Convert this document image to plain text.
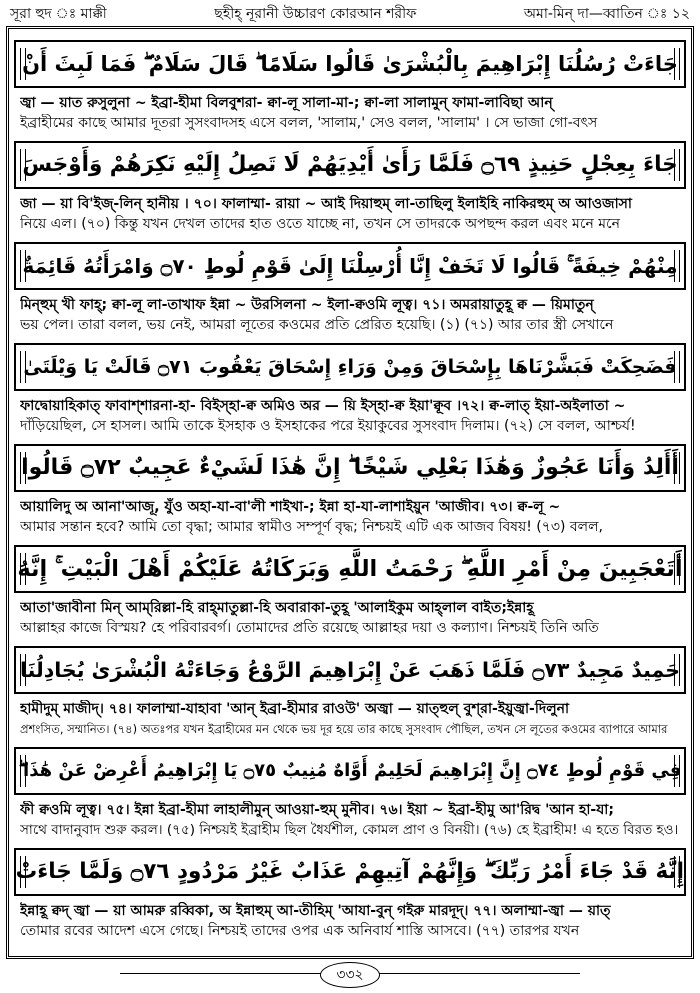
সূরা হুদ ঃ মাক্কী	ছহীহ্ নূরানী উচ্চারণ কোরআন শরীফ	অমা-মিন্ দা—ব্বাতিন ঃ ১২
جَاءَتْ رُسُلُنَا إِبْرَاهِيمَ بِالْبُشْرَىٰ قَالُوا سَلَامًا ۖ قَالَ سَلَامٌ ۖ فَمَا لَبِثَ أَنْ
জ্বা — য়াত রুসুলুনা ~ ইব্রা-হীমা বিলবুশরা- ক্বা-লূ সালা-মা-; ক্বা-লা সালামুন্ ফামা-লাবিছা আন্
ইব্রাহীমের কাছে আমার দূতরা সুসংবাদসহ এসে বলল, 'সালাম,' সেও বলল, 'সালাম' । সে ভাজা গো-বৎস
جَاءَ بِعِجْلٍ حَنِيذٍ ۝٦٩ فَلَمَّا رَأَىٰ أَيْدِيَهُمْ لَا تَصِلُ إِلَيْهِ نَكِرَهُمْ وَأَوْجَسَ
জা — য়া বি'ইজ্-লিন্ হানীয় । ৭০। ফালাম্মা- রায়া ~ আই দিয়াহুম্ লা-তাছিলু ইলাইহি নাকিরহুম্ অ আওজাসা
নিয়ে এল। (৭০) কিন্তু যখন দেখল তাদের হাত ওতে যাচ্ছে না, তখন সে তাদরকে অপছন্দ করল এবং মনে মনে
مِنْهُمْ خِيفَةً ۚ قَالُوا لَا تَخَفْ إِنَّا أُرْسِلْنَا إِلَىٰ قَوْمِ لُوطٍ ۝٧٠ وَامْرَأَتُهُ قَائِمَةٌ
মিন্হুম্ খী ফাহ্; ক্বা-লূ লা-তাখাফ ইন্না ~ উরসিলনা ~ ইলা-ক্বওমি লূত্ব। ৭১। অমরায়াতুহূ ক্ব — য়িমাতুন্
ভয় পেল। তারা বলল, ভয় নেই, আমরা লূতের কওমের প্রতি প্রেরিত হয়েছি। (১) (৭১) আর তার স্ত্রী সেখানে
فَضَحِكَتْ فَبَشَّرْنَاهَا بِإِسْحَاقَ وَمِنْ وَرَاءِ إِسْحَاقَ يَعْقُوبَ ۝٧١ قَالَتْ يَا وَيْلَتَىٰ
ফাদ্বোয়াহিকাত্ ফাবাশ্শারনা-হা- বিইস্হা-ক্ব অমিও অর — য়ি ইস্হা-ক্ব ইয়া'ক্বূব ।৭২। ক্ব-লাত্ ইয়া-অইলাতা ~
দাঁড়িয়েছিল, সে হাসল। আমি তাকে ইসহাক ও ইসহাকের পরে ইয়াকুবের সুসংবাদ দিলাম। (৭২) সে বলল, আশ্চর্য!
أَأَلِدُ وَأَنَا عَجُوزٌ وَهَٰذَا بَعْلِي شَيْخًا ۖ إِنَّ هَٰذَا لَشَيْءٌ عَجِيبٌ ۝٧٢ قَالُوا
আয়ালিদু অ আনা'আজূ, যুঁও অহা-যা-বা'লী শাইখা-; ইন্না হা-যা-লাশাইয়ুন 'আজীব। ৭৩। ক্ব-লূ ~
আমার সন্তান হবে? আমি তো বৃদ্ধা; আমার স্বামীও সম্পূর্ণ বৃদ্ধ; নিশ্চয়ই এটি এক আজব বিষয়! (৭৩) বলল,
أَتَعْجَبِينَ مِنْ أَمْرِ اللَّهِ ۖ رَحْمَتُ اللَّهِ وَبَرَكَاتُهُ عَلَيْكُمْ أَهْلَ الْبَيْتِ ۚ إِنَّهُ
আতা'জাবীনা মিন্ আম্‌রিল্লা-হি রাহ্‌মাতুল্লা-হি অবারাকা-তুহূ 'আলাইকুম আহ্‌লাল বাইত;ইন্নাহূ
আল্লাহর কাজে বিস্ময়? হে পরিবারবর্গ। তোমাদের প্রতি রয়েছে আল্লাহর দয়া ও কল্যাণ। নিশ্চয়ই তিনি অতি
حَمِيدٌ مَجِيدٌ ۝٧٣ فَلَمَّا ذَهَبَ عَنْ إِبْرَاهِيمَ الرَّوْعُ وَجَاءَتْهُ الْبُشْرَىٰ يُجَادِلُنَا
হামীদুম্ মাজীদ্। ৭৪। ফালাম্মা-যাহাবা 'আন্ ইব্রা-হীমার রাওউ' অজ্বা — য়াত্হুল্ বুশ্‌রা-ইয়ুজ্বা-দিলুনা
প্রশংসিত, সম্মানিত। (৭৪) অতঃপর যখন ইব্রাহীমের মন থেকে ভয় দূর হয়ে তার কাছে সুসংবাদ পৌছিল, তখন সে লূতের কওমের ব্যাপারে আমার
فِي قَوْمِ لُوطٍ ۝٧٤ إِنَّ إِبْرَاهِيمَ لَحَلِيمٌ أَوَّاهٌ مُنِيبٌ ۝٧٥ يَا إِبْرَاهِيمُ أَعْرِضْ عَنْ هَٰذَا ۖ
ফী ক্বওমি লূত্ব। ৭৫। ইন্না ইব্রা-হীমা লাহালীমুন্ আওয়া-হুম্ মুনীব। ৭৬। ইয়া ~ ইব্রা-হীমু আ'রিদ্ব 'আন হা-যা;
সাথে বাদানুবাদ শুরু করল। (৭৫) নিশ্চয়ই ইব্রাহীম ছিল ধৈর্যশীল, কোমল প্রাণ ও বিনয়ী। (৭৬) হে ইব্রাহীম! এ হতে বিরত হও।
إِنَّهُ قَدْ جَاءَ أَمْرُ رَبِّكَ ۖ وَإِنَّهُمْ آتِيهِمْ عَذَابٌ غَيْرُ مَرْدُودٍ ۝٧٦ وَلَمَّا جَاءَتْ
ইন্নাহূ ক্বদ্ জ্বা — য়া আমরু রব্বিকা, অ ইন্নাহুম্ আ-তীহিম্ 'আযা-বুন্ গইরু মারদূদ্। ৭৭। অলাম্মা-জ্বা — য়াত্
তোমার রবের আদেশ এসে গেছে। নিশ্চয়ই তাদের ওপর এক অনিবার্য শাস্তি আসবে। (৭৭) তারপর যখন
৩৩২
